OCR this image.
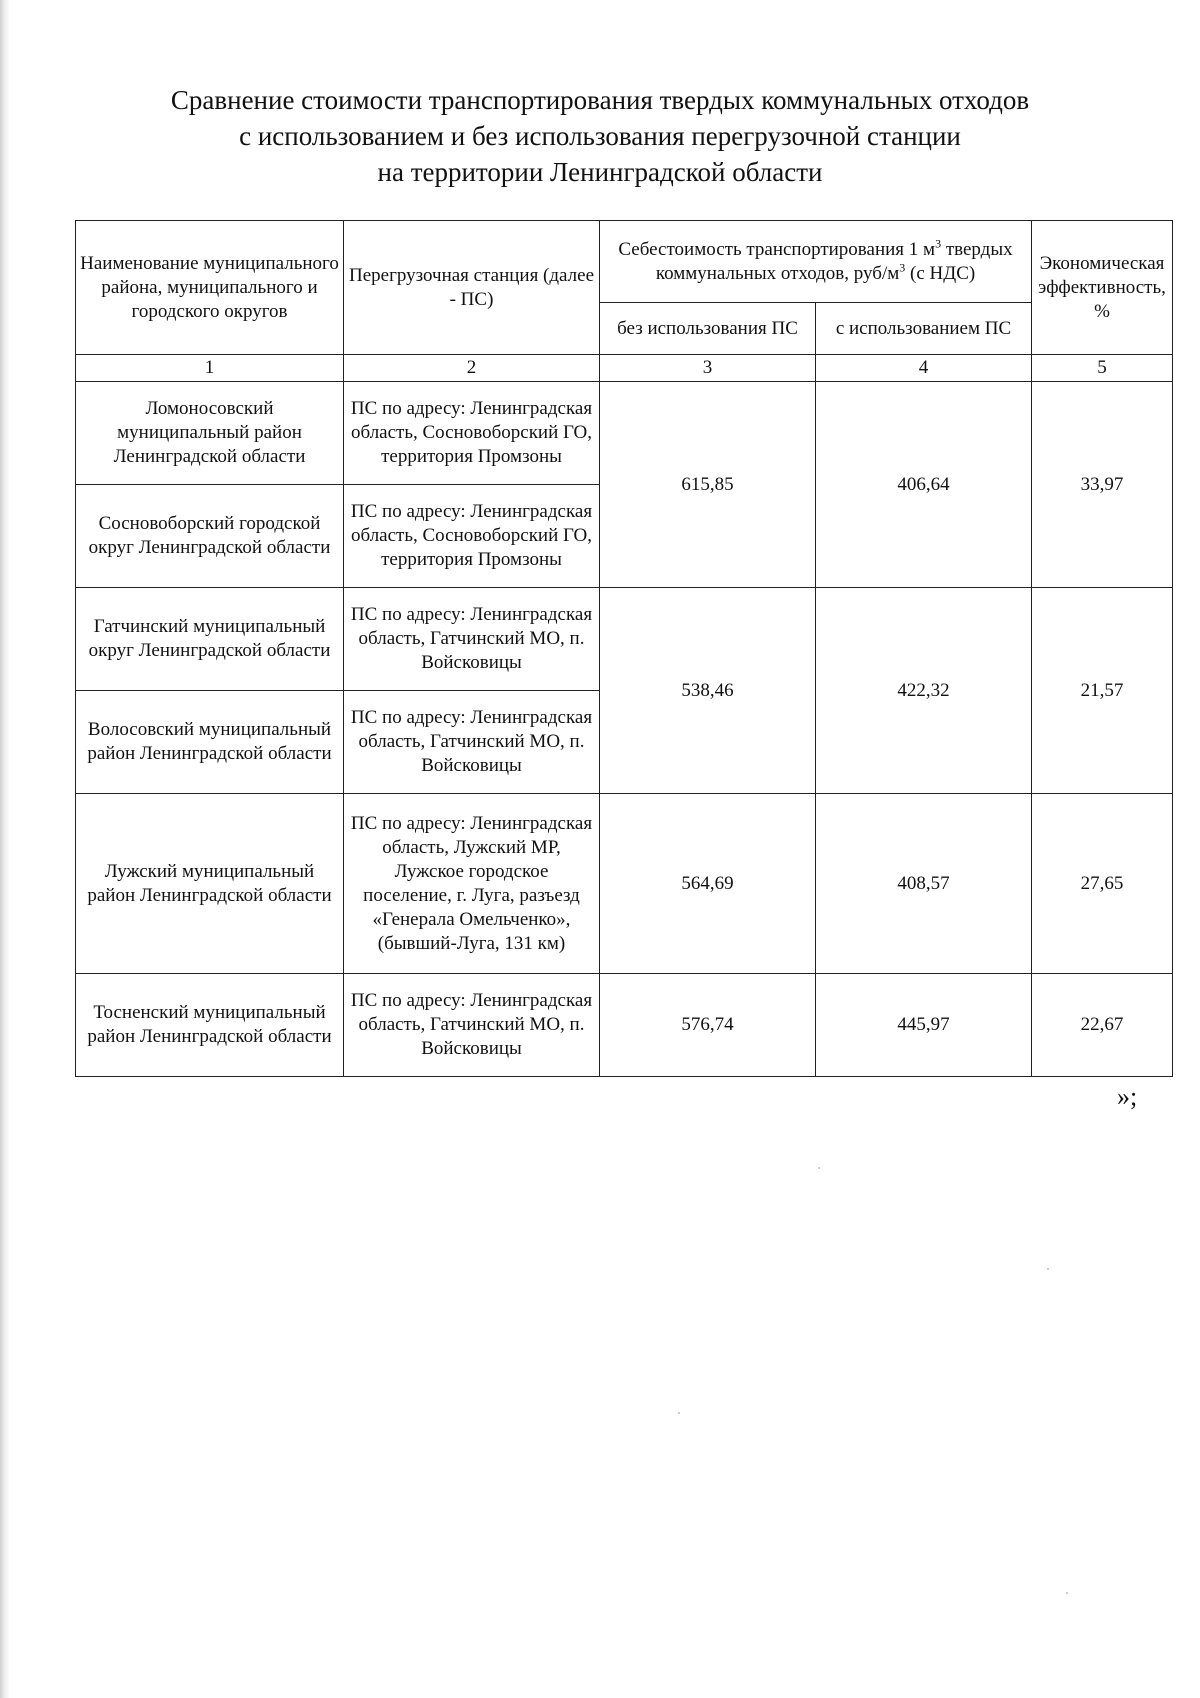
Сравнение стоимости транспортирования твердых коммунальных отходов
с использованием и без использования перегрузочной станции
на территории Ленинградской области
Наименование муниципального района, муниципального и городского округов	Перегрузочная станция (далее - ПС)	Себестоимость транспортирования 1 $м^3$ твердых коммунальных отходов, руб/$м^3$ (с НДС)		Экономическая эффективность, %
		без использования ПС	с использованием ПС	
1	2	3	4	5
Ломоносовский муниципальный район Ленинградской области	ПС по адресу: Ленинградская область, Сосновоборский ГО, территория Промзоны	615,85	406,64	33,97
Сосновоборский городской округ Ленинградской области	ПС по адресу: Ленинградская область, Сосновоборский ГО, территория Промзоны			
Гатчинский муниципальный округ Ленинградской области	ПС по адресу: Ленинградская область, Гатчинский МО, п. Войсковицы	538,46	422,32	21,57
Волосовский муниципальный район Ленинградской области	ПС по адресу: Ленинградская область, Гатчинский МО, п. Войсковицы			
Лужский муниципальный район Ленинградской области	ПС по адресу: Ленинградская область, Лужский МР, Лужское городское поселение, г. Луга, разъезд «Генерала Омельченко», (бывший-Луга, 131 км)	564,69	408,57	27,65
Тосненский муниципальный район Ленинградской области	ПС по адресу: Ленинградская область, Гатчинский МО, п. Войсковицы	576,74	445,97	22,67
»;
